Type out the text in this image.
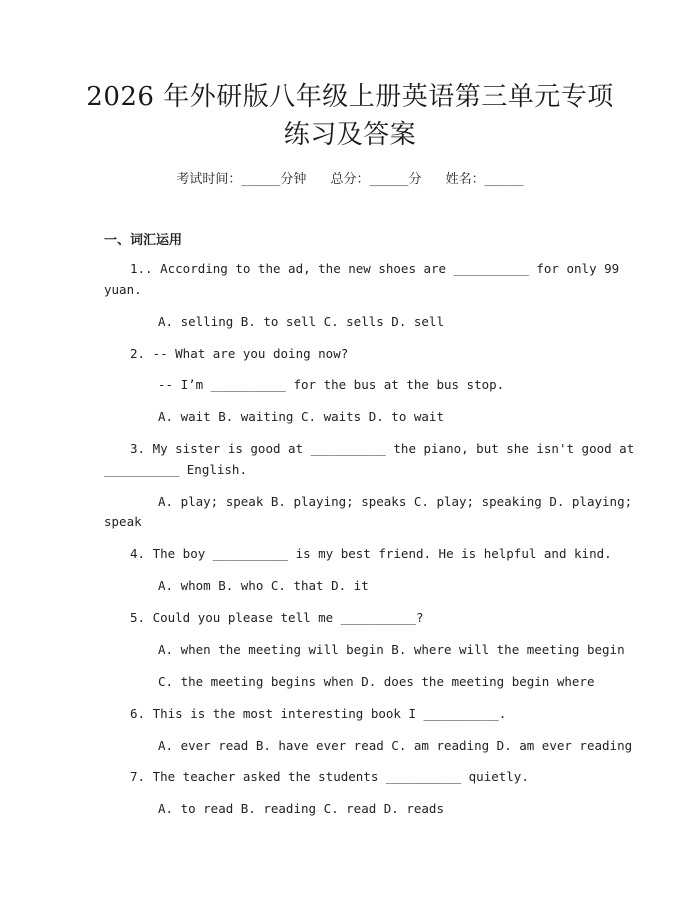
2026 年外研版八年级上册英语第三单元专项
练习及答案
考试时间：______分钟 总分：______分 姓名：______
一、词汇运用
1.. According to the ad, the new shoes are __________ for only 99
yuan.
A. selling B. to sell C. sells D. sell
2. -- What are you doing now?
-- I’m __________ for the bus at the bus stop.
A. wait B. waiting C. waits D. to wait
3. My sister is good at __________ the piano, but she isn't good at
__________ English.
A. play; speak B. playing; speaks C. play; speaking D. playing;
speak
4. The boy __________ is my best friend. He is helpful and kind.
A. whom B. who C. that D. it
5. Could you please tell me __________?
A. when the meeting will begin B. where will the meeting begin
C. the meeting begins when D. does the meeting begin where
6. This is the most interesting book I __________.
A. ever read B. have ever read C. am reading D. am ever reading
7. The teacher asked the students __________ quietly.
A. to read B. reading C. read D. reads
